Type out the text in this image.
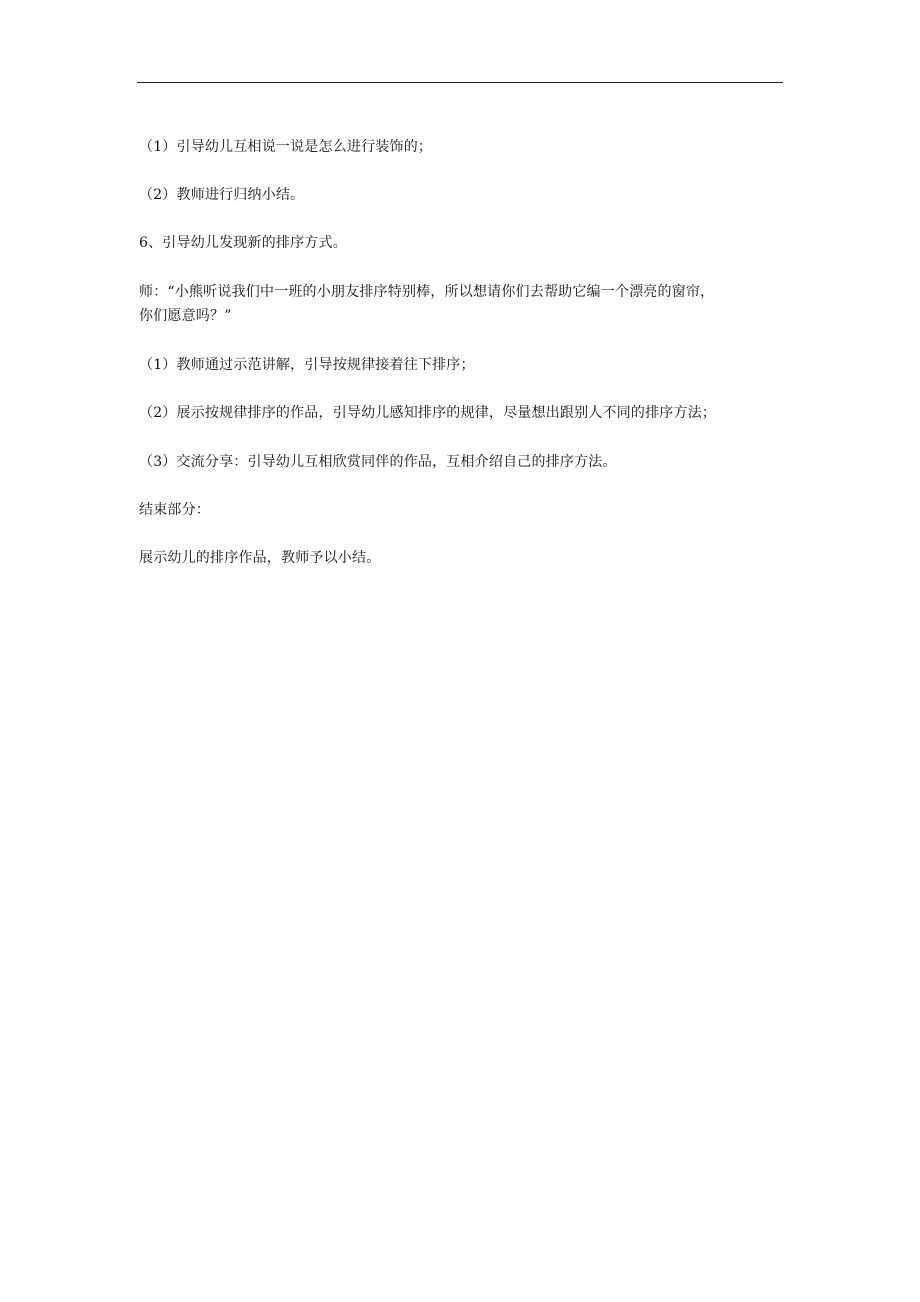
（1）引导幼儿互相说一说是怎么进行装饰的；
（2）教师进行归纳小结。
6、引导幼儿发现新的排序方式。
师：“小熊听说我们中一班的小朋友排序特别棒，所以想请你们去帮助它编一个漂亮的窗帘，
你们愿意吗？”
（1）教师通过示范讲解，引导按规律接着往下排序；
（2）展示按规律排序的作品，引导幼儿感知排序的规律，尽量想出跟别人不同的排序方法；
（3）交流分享：引导幼儿互相欣赏同伴的作品，互相介绍自己的排序方法。
结束部分：
展示幼儿的排序作品，教师予以小结。
